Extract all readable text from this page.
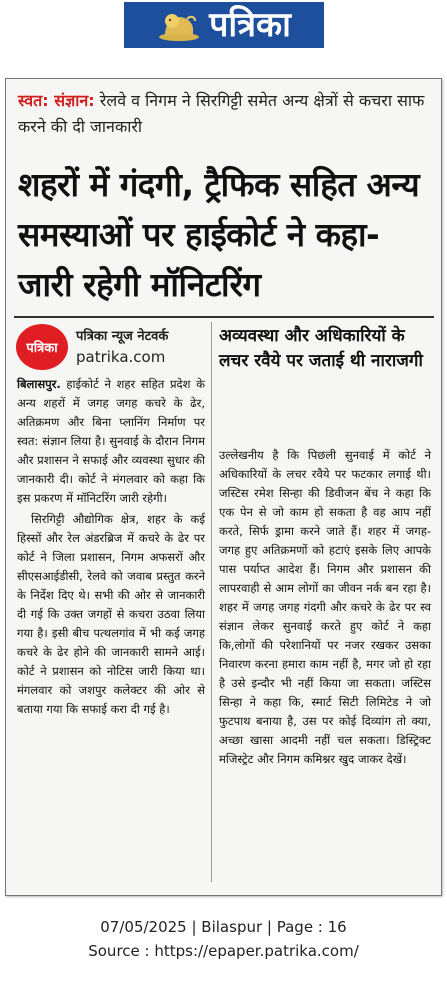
पत्रिका
स्वत: संज्ञान: रेलवे व निगम ने सिरगिट्टी समेत अन्य क्षेत्रों से कचरा साफ करने की दी जानकारी
शहरों में गंदगी, ट्रैफिक सहित अन्य समस्याओं पर हाईकोर्ट ने कहा- जारी रहेगी मॉनिटरिंग
पत्रिका
पत्रिका न्यूज नेटवर्क
patrika.com
अव्यवस्था और अधिकारियों के लचर रवैये पर जताई थी नाराजगी

बिलासपुर. हाईकोर्ट ने शहर सहित प्रदेश के अन्य शहरों में जगह जगह कचरे के ढेर, अतिक्रमण और बिना प्लानिंग निर्माण पर स्वत: संज्ञान लिया है। सुनवाई के दौरान निगम और प्रशासन ने सफाई और व्यवस्था सुधार की जानकारी दी। कोर्ट ने मंगलवार को कहा कि इस प्रकरण में मॉनिटरिंग जारी रहेगी।

सिरगिट्टी औद्योगिक क्षेत्र, शहर के कई हिस्सों और रेल अंडरब्रिज में कचरे के ढेर पर कोर्ट ने जिला प्रशासन, निगम अफसरों और सीएसआईडीसी, रेलवे को जवाब प्रस्तुत करने के निर्देश दिए थे। सभी की ओर से जानकारी दी गई कि उक्त जगहों से कचरा उठवा लिया गया है। इसी बीच पत्थलगांव में भी कई जगह कचरे के ढेर होने की जानकारी सामने आई। कोर्ट ने प्रशासन को नोटिस जारी किया था। मंगलवार को जशपुर कलेक्टर की ओर से बताया गया कि सफाई करा दी गई है।

उल्लेखनीय है कि पिछली सुनवाई में कोर्ट ने अधिकारियों के लचर रवैये पर फटकार लगाई थी। जस्टिस रमेश सिन्हा की डिवीजन बेंच ने कहा कि एक पेन से जो काम हो सकता है वह आप नहीं करते, सिर्फ ड्रामा करने जाते हैं। शहर में जगह- जगह हुए अतिक्रमणों को हटाएं इसके लिए आपके पास पर्याप्त आदेश हैं। निगम और प्रशासन की लापरवाही से आम लोगों का जीवन नर्क बन रहा है। शहर में जगह जगह गंदगी और कचरे के ढेर पर स्व संज्ञान लेकर सुनवाई करते हुए कोर्ट ने कहा कि,लोगों की परेशानियों पर नजर रखकर उसका निवारण करना हमारा काम नहीं है, मगर जो हो रहा है उसे इन्दौर भी नहीं किया जा सकता। जस्टिस सिन्हा ने कहा कि, स्मार्ट सिटी लिमिटेड ने जो फुटपाथ बनाया है, उस पर कोई दिव्यांग तो क्या, अच्छा खासा आदमी नहीं चल सकता। डिस्ट्रिक्ट मजिस्ट्रेट और निगम कमिश्नर खुद जाकर देखें।

07/05/2025 | Bilaspur | Page : 16
Source : https://epaper.patrika.com/
